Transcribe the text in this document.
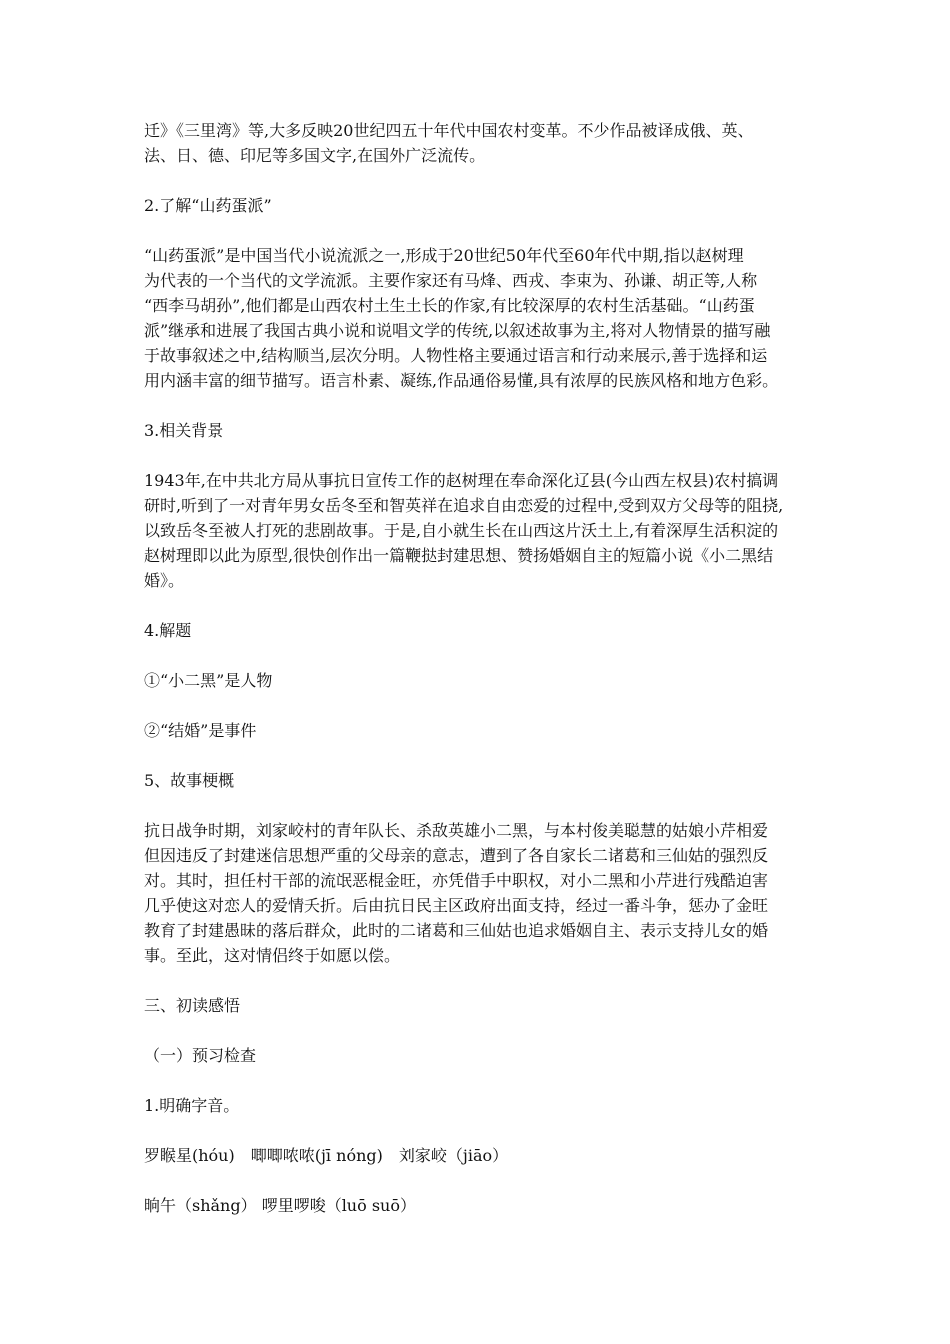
迁》《三里湾》等,大多反映20世纪四五十年代中国农村变革。不少作品被译成俄、英、
法、日、德、印尼等多国文字,在国外广泛流传。

2.了解“山药蛋派”

“山药蛋派”是中国当代小说流派之一,形成于20世纪50年代至60年代中期,指以赵树理
为代表的一个当代的文学流派。主要作家还有马烽、西戎、李束为、孙谦、胡正等,人称
“西李马胡孙”,他们都是山西农村土生土长的作家,有比较深厚的农村生活基础。“山药蛋
派”继承和进展了我国古典小说和说唱文学的传统,以叙述故事为主,将对人物情景的描写融
于故事叙述之中,结构顺当,层次分明。人物性格主要通过语言和行动来展示,善于选择和运
用内涵丰富的细节描写。语言朴素、凝练,作品通俗易懂,具有浓厚的民族风格和地方色彩。

3.相关背景

1943年,在中共北方局从事抗日宣传工作的赵树理在奉命深化辽县(今山西左权县)农村搞调
研时,听到了一对青年男女岳冬至和智英祥在追求自由恋爱的过程中,受到双方父母等的阻挠,
以致岳冬至被人打死的悲剧故事。于是,自小就生长在山西这片沃土上,有着深厚生活积淀的
赵树理即以此为原型,很快创作出一篇鞭挞封建思想、赞扬婚姻自主的短篇小说《小二黑结
婚》。

4.解题

①“小二黑”是人物

②“结婚”是事件

5、故事梗概

抗日战争时期，刘家峧村的青年队长、杀敌英雄小二黑，与本村俊美聪慧的姑娘小芹相爱
但因违反了封建迷信思想严重的父母亲的意志，遭到了各自家长二诸葛和三仙姑的强烈反
对。其时，担任村干部的流氓恶棍金旺，亦凭借手中职权，对小二黑和小芹进行残酷迫害
几乎使这对恋人的爱情夭折。后由抗日民主区政府出面支持，经过一番斗争，惩办了金旺
教育了封建愚昧的落后群众，此时的二诸葛和三仙姑也追求婚姻自主、表示支持儿女的婚
事。至此，这对情侣终于如愿以偿。

三、初读感悟

（一）预习检查

1.明确字音。

罗睺星(hóu)　唧唧哝哝(jī nóng)　刘家峧（jiāo）

晌午（shǎng） 啰里啰唆（luō suō）
